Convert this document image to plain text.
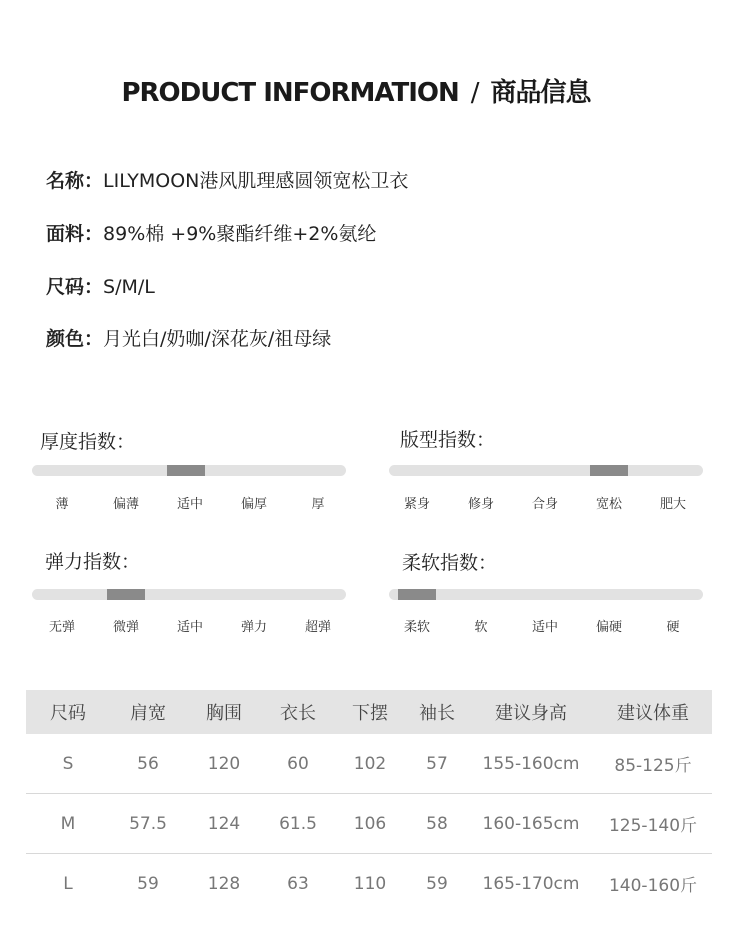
PRODUCT INFORMATION / 商品信息
名称：LILYMOON港风肌理感圆领宽松卫衣
面料：89%棉 +9%聚酯纤维+2%氨纶
尺码：S/M/L
颜色：月光白/奶咖/深花灰/祖母绿
厚度指数：
薄	偏薄	适中	偏厚	厚
版型指数：
紧身	修身	合身	宽松	肥大
弹力指数：
无弹	微弹	适中	弹力	超弹
柔软指数：
柔软	软	适中	偏硬	硬
尺码	肩宽	胸围	衣长	下摆	袖长	建议身高	建议体重
S	56	120	60	102	57	155-160cm	85-125斤
M	57.5	124	61.5	106	58	160-165cm	125-140斤
L	59	128	63	110	59	165-170cm	140-160斤
